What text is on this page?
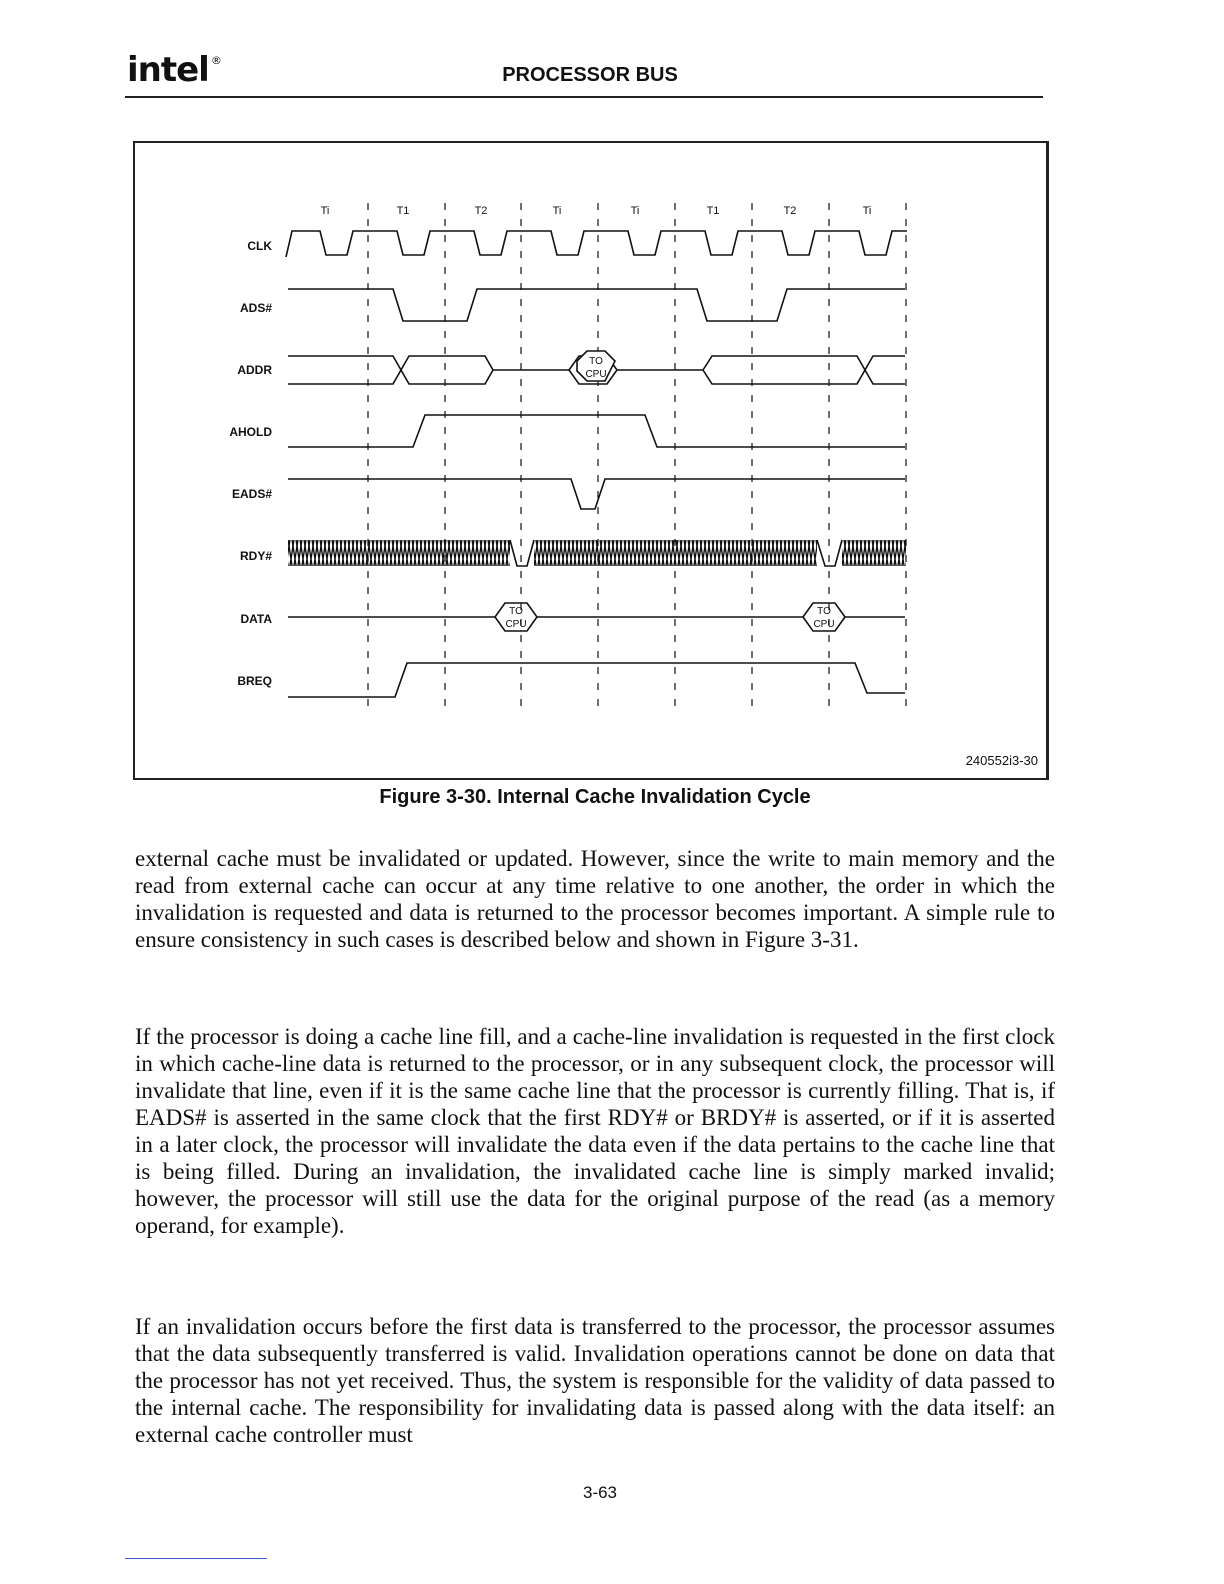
intel ®
PROCESSOR BUS
Ti	T1	T2	Ti	Ti	T1	T2	Ti
CLK
ADS#
ADDR
AHOLD
EADS#
RDY#
DATA
BREQ
TO
CPU
TO
CPU
TO
CPU
240552i3-30
Figure 3-30. Internal Cache Invalidation Cycle

external cache must be invalidated or updated. However, since the write to main memory and the read from external cache can occur at any time relative to one another, the order in which the invalidation is requested and data is returned to the processor becomes important. A simple rule to ensure consistency in such cases is described below and shown in Figure 3-31.

If the processor is doing a cache line fill, and a cache-line invalidation is requested in the first clock in which cache-line data is returned to the processor, or in any subsequent clock, the processor will invalidate that line, even if it is the same cache line that the processor is currently filling. That is, if EADS# is asserted in the same clock that the first RDY# or BRDY# is asserted, or if it is asserted in a later clock, the processor will invalidate the data even if the data pertains to the cache line that is being filled. During an invalidation, the invalidated cache line is simply marked invalid; however, the processor will still use the data for the original purpose of the read (as a memory operand, for example).

If an invalidation occurs before the first data is transferred to the processor, the processor assumes that the data subsequently transferred is valid. Invalidation operations cannot be done on data that the processor has not yet received. Thus, the system is responsible for the validity of data passed to the internal cache. The responsibility for invalidating data is passed along with the data itself: an external cache controller must

3-63
